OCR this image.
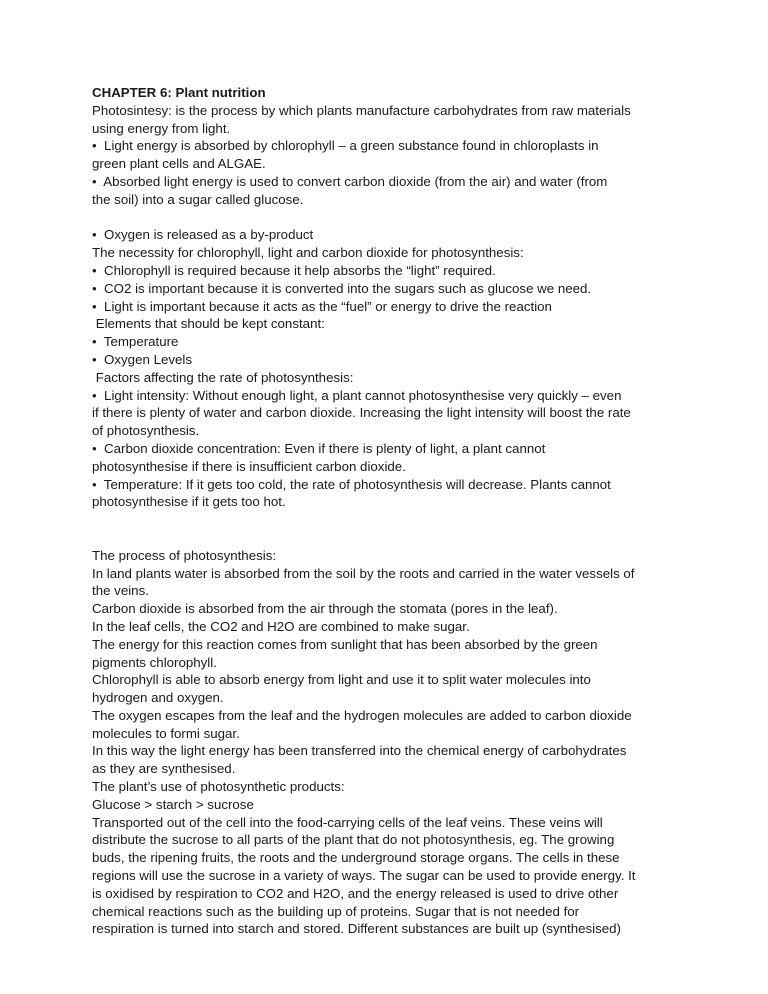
CHAPTER 6: Plant nutrition
Photosintesy: is the process by which plants manufacture carbohydrates from raw materials
using energy from light.
•  Light energy is absorbed by chlorophyll – a green substance found in chloroplasts in
green plant cells and ALGAE.
•  Absorbed light energy is used to convert carbon dioxide (from the air) and water (from
the soil) into a sugar called glucose.
•  Oxygen is released as a by-product
The necessity for chlorophyll, light and carbon dioxide for photosynthesis:
•  Chlorophyll is required because it help absorbs the “light” required.
•  CO2 is important because it is converted into the sugars such as glucose we need.
•  Light is important because it acts as the “fuel” or energy to drive the reaction
Elements that should be kept constant:
•  Temperature
•  Oxygen Levels
Factors affecting the rate of photosynthesis:
•  Light intensity: Without enough light, a plant cannot photosynthesise very quickly – even
if there is plenty of water and carbon dioxide. Increasing the light intensity will boost the rate
of photosynthesis.
•  Carbon dioxide concentration: Even if there is plenty of light, a plant cannot
photosynthesise if there is insufficient carbon dioxide.
•  Temperature: If it gets too cold, the rate of photosynthesis will decrease. Plants cannot
photosynthesise if it gets too hot.
The process of photosynthesis:
In land plants water is absorbed from the soil by the roots and carried in the water vessels of
the veins.
Carbon dioxide is absorbed from the air through the stomata (pores in the leaf).
In the leaf cells, the CO2 and H2O are combined to make sugar.
The energy for this reaction comes from sunlight that has been absorbed by the green
pigments chlorophyll.
Chlorophyll is able to absorb energy from light and use it to split water molecules into
hydrogen and oxygen.
The oxygen escapes from the leaf and the hydrogen molecules are added to carbon dioxide
molecules to formi sugar.
In this way the light energy has been transferred into the chemical energy of carbohydrates
as they are synthesised.
The plant’s use of photosynthetic products:
Glucose > starch > sucrose
Transported out of the cell into the food-carrying cells of the leaf veins. These veins will
distribute the sucrose to all parts of the plant that do not photosynthesis, eg. The growing
buds, the ripening fruits, the roots and the underground storage organs. The cells in these
regions will use the sucrose in a variety of ways. The sugar can be used to provide energy. It
is oxidised by respiration to CO2 and H2O, and the energy released is used to drive other
chemical reactions such as the building up of proteins. Sugar that is not needed for
respiration is turned into starch and stored. Different substances are built up (synthesised)
